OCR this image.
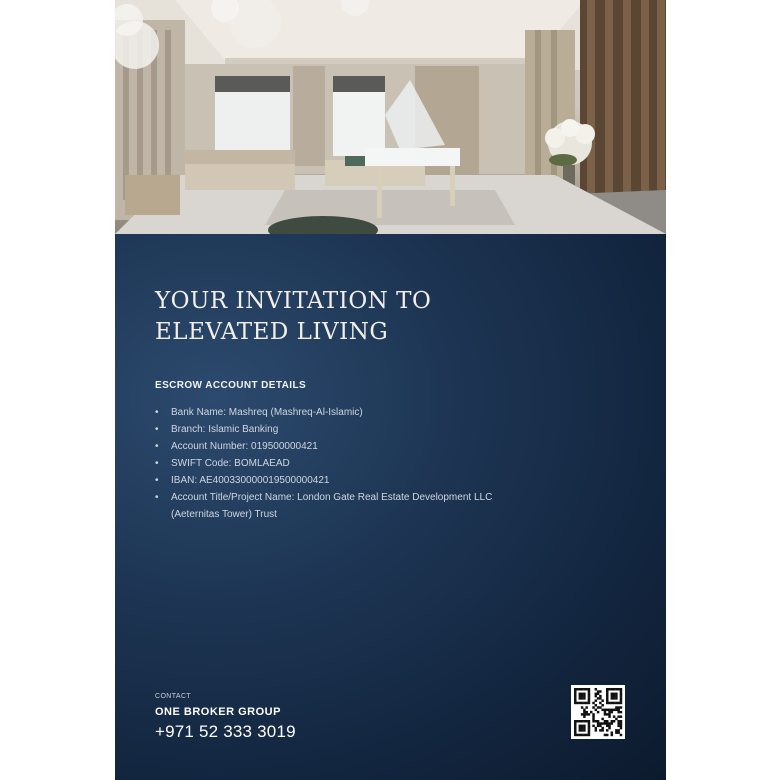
YOUR INVITATION TO
ELEVATED LIVING
ESCROW ACCOUNT DETAILS
• Bank Name: Mashreq (Mashreq-Al-Islamic)
• Branch: Islamic Banking
• Account Number: 019500000421
• SWIFT Code: BOMLAEAD
• IBAN: AE400330000019500000421
• Account Title/Project Name: London Gate Real Estate Development LLC (Aeternitas Tower) Trust
CONTACT
ONE BROKER GROUP
+971 52 333 3019
